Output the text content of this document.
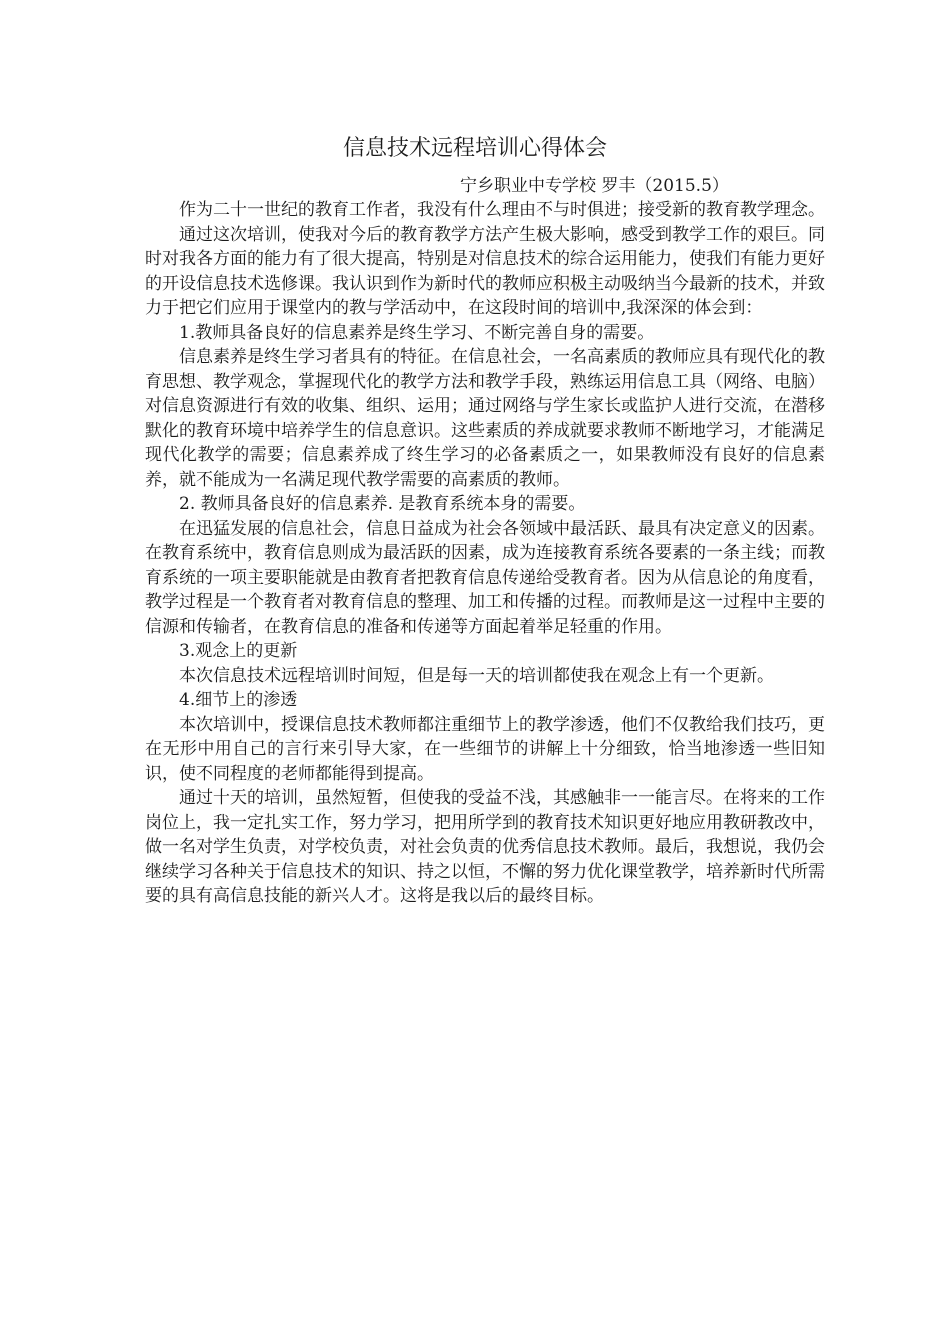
信息技术远程培训心得体会

宁乡职业中专学校 罗丰（2015.5）

作为二十一世纪的教育工作者，我没有什么理由不与时俱进；接受新的教育教学理念。

通过这次培训，使我对今后的教育教学方法产生极大影响，感受到教学工作的艰巨。同时对我各方面的能力有了很大提高，特别是对信息技术的综合运用能力，使我们有能力更好的开设信息技术选修课。我认识到作为新时代的教师应积极主动吸纳当今最新的技术，并致力于把它们应用于课堂内的教与学活动中，在这段时间的培训中,我深深的体会到：

1.教师具备良好的信息素养是终生学习、不断完善自身的需要。

信息素养是终生学习者具有的特征。在信息社会，一名高素质的教师应具有现代化的教育思想、教学观念，掌握现代化的教学方法和教学手段，熟练运用信息工具（网络、电脑）对信息资源进行有效的收集、组织、运用；通过网络与学生家长或监护人进行交流，在潜移默化的教育环境中培养学生的信息意识。这些素质的养成就要求教师不断地学习，才能满足现代化教学的需要；信息素养成了终生学习的必备素质之一，如果教师没有良好的信息素养，就不能成为一名满足现代教学需要的高素质的教师。

2. 教师具备良好的信息素养. 是教育系统本身的需要。

在迅猛发展的信息社会，信息日益成为社会各领域中最活跃、最具有决定意义的因素。在教育系统中，教育信息则成为最活跃的因素，成为连接教育系统各要素的一条主线；而教育系统的一项主要职能就是由教育者把教育信息传递给受教育者。因为从信息论的角度看，教学过程是一个教育者对教育信息的整理、加工和传播的过程。而教师是这一过程中主要的信源和传输者，在教育信息的准备和传递等方面起着举足轻重的作用。

3.观念上的更新

本次信息技术远程培训时间短，但是每一天的培训都使我在观念上有一个更新。

4.细节上的渗透

本次培训中，授课信息技术教师都注重细节上的教学渗透，他们不仅教给我们技巧，更在无形中用自己的言行来引导大家，在一些细节的讲解上十分细致，恰当地渗透一些旧知识，使不同程度的老师都能得到提高。

通过十天的培训，虽然短暂，但使我的受益不浅，其感触非一一能言尽。在将来的工作岗位上，我一定扎实工作，努力学习，把用所学到的教育技术知识更好地应用教研教改中，做一名对学生负责，对学校负责，对社会负责的优秀信息技术教师。最后，我想说，我仍会继续学习各种关于信息技术的知识、持之以恒，不懈的努力优化课堂教学，培养新时代所需要的具有高信息技能的新兴人才。这将是我以后的最终目标。
